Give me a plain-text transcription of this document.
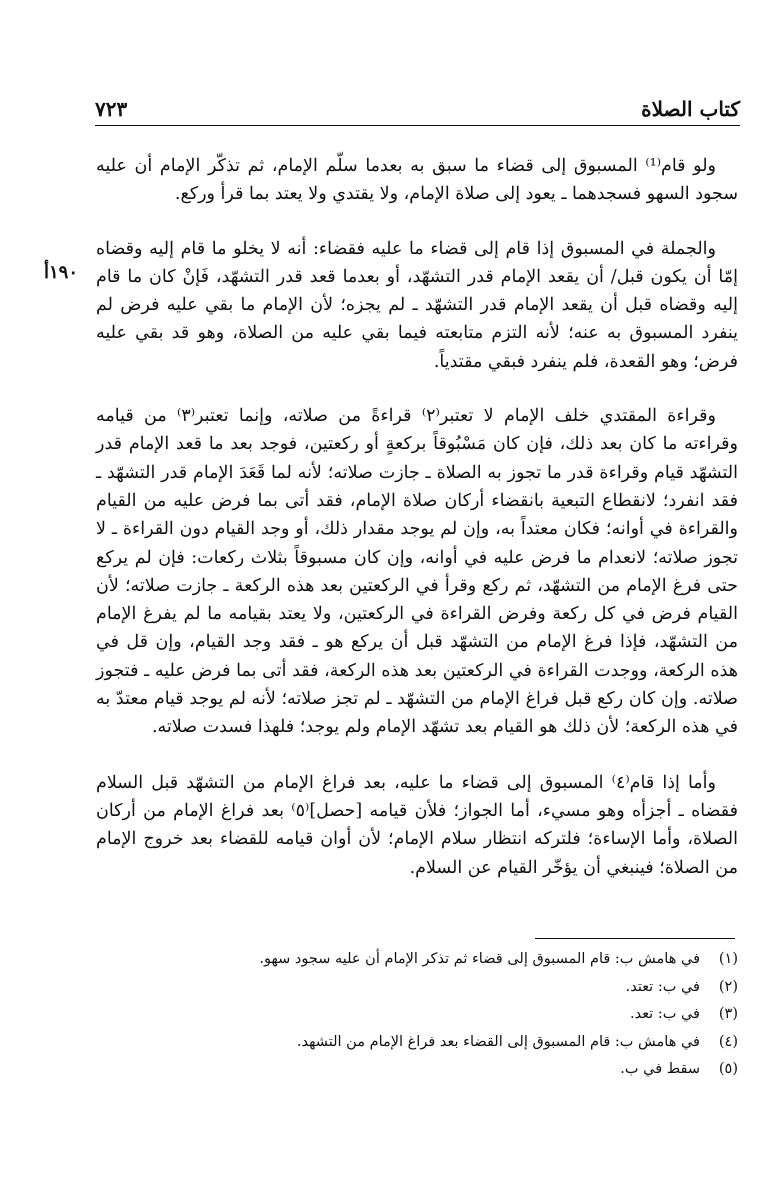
٧٢٣	كتاب الصلاة
١٩٠أ

ولو قام⁽¹⁾ المسبوق إلى قضاء ما سبق به بعدما سلّم الإمام، ثم تذكّر الإمام أن عليه سجود السهو فسجدهما ـ يعود إلى صلاة الإمام، ولا يقتدي ولا يعتد بما قرأ وركع.

والجملة في المسبوق إذا قام إلى قضاء ما عليه فقضاء: أنه لا يخلو ما قام إليه وقضاه إمّا أن يكون قبل/ أن يقعد الإمام قدر التشهّد، أو بعدما قعد قدر التشهّد، فَإنْ كان ما قام إليه وقضاه قبل أن يقعد الإمام قدر التشهّد ـ لم يجزه؛ لأن الإمام ما بقي عليه فرض لم ينفرد المسبوق به عنه؛ لأنه التزم متابعته فيما بقي عليه من الصلاة، وهو قد بقي عليه فرض؛ وهو القعدة، فلم ينفرد فبقي مقتدياً.

وقراءة المقتدي خلف الإمام لا تعتبر⁽٢⁾ قراءةً من صلاته، وإنما تعتبر⁽٣⁾ من قيامه وقراءته ما كان بعد ذلك، فإن كان مَسْبُوقاً بركعةٍ أو ركعتين، فوجد بعد ما قعد الإمام قدر التشهّد قيام وقراءة قدر ما تجوز به الصلاة ـ جازت صلاته؛ لأنه لما قَعَدَ الإمام قدر التشهّد ـ فقد انفرد؛ لانقطاع التبعية بانقضاء أركان صلاة الإمام، فقد أتى بما فرض عليه من القيام والقراءة في أوانه؛ فكان معتداً به، وإن لم يوجد مقدار ذلك، أو وجد القيام دون القراءة ـ لا تجوز صلاته؛ لانعدام ما فرض عليه في أوانه، وإن كان مسبوقاً بثلاث ركعات: فإن لم يركع حتى فرغ الإمام من التشهّد، ثم ركع وقرأ في الركعتين بعد هذه الركعة ـ جازت صلاته؛ لأن القيام فرض في كل ركعة وفرض القراءة في الركعتين، ولا يعتد بقيامه ما لم يفرغ الإمام من التشهّد، فإذا فرغ الإمام من التشهّد قبل أن يركع هو ـ فقد وجد القيام، وإن قل في هذه الركعة، ووجدت القراءة في الركعتين بعد هذه الركعة، فقد أتى بما فرض عليه ـ فتجوز صلاته. وإن كان ركع قبل فراغ الإمام من التشهّد ـ لم تجز صلاته؛ لأنه لم يوجد قيام معتدّ به في هذه الركعة؛ لأن ذلك هو القيام بعد تشهّد الإمام ولم يوجد؛ فلهذا فسدت صلاته.

وأما إذا قام⁽٤⁾ المسبوق إلى قضاء ما عليه، بعد فراغ الإمام من التشهّد قبل السلام فقضاه ـ أجزأه وهو مسيء، أما الجواز؛ فلأن قيامه [حصل]⁽٥⁾ بعد فراغ الإمام من أركان الصلاة، وأما الإساءة؛ فلتركه انتظار سلام الإمام؛ لأن أوان قيامه للقضاء بعد خروج الإمام من الصلاة؛ فينبغي أن يؤخّر القيام عن السلام.

(١)في هامش ب: قام المسبوق إلى قضاء ثم تذكر الإمام أن عليه سجود سهو.
(٢)في ب: تعتد.
(٣)في ب: تعد.
(٤)في هامش ب: قام المسبوق إلى القضاء بعد فراغ الإمام من التشهد.
(٥)سقط في ب.
